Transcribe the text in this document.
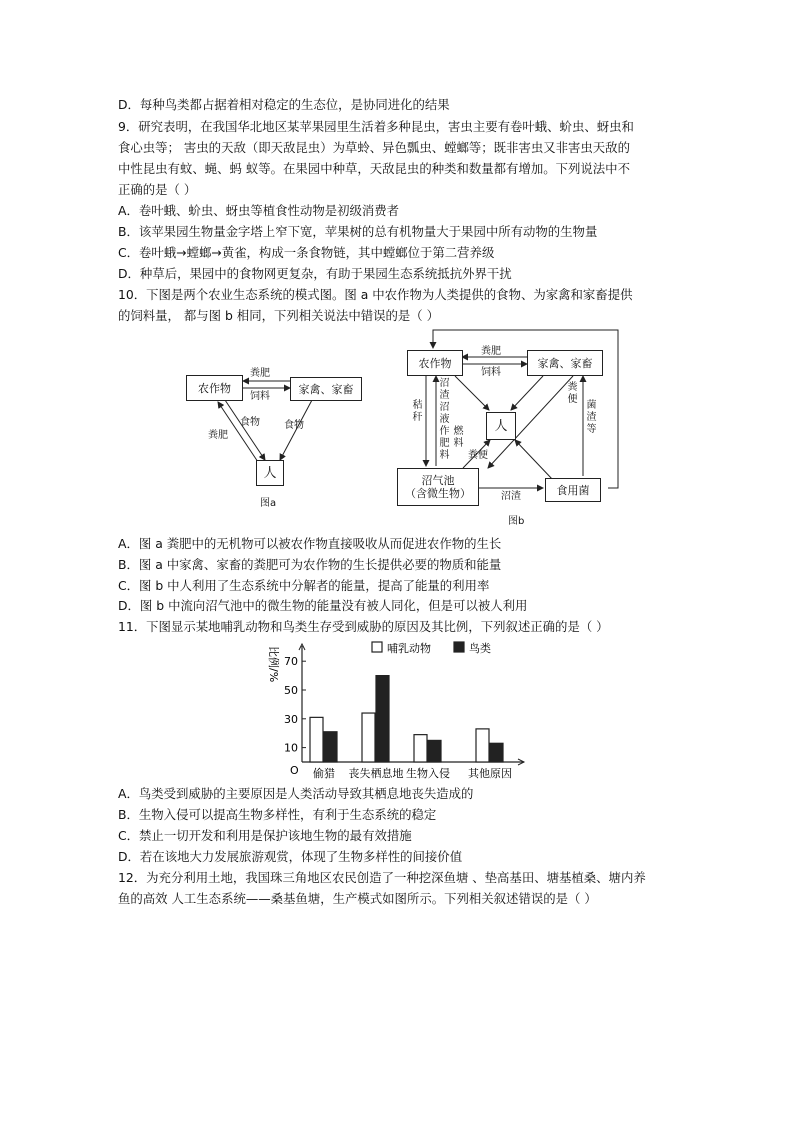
D．每种鸟类都占据着相对稳定的生态位，是协同进化的结果
9．研究表明，在我国华北地区某苹果园里生活着多种昆虫，害虫主要有卷叶蛾、蚧虫、蚜虫和
食心虫等； 害虫的天敌（即天敌昆虫）为草蛉、异色瓢虫、螳螂等；既非害虫又非害虫天敌的
中性昆虫有蚊、蝇、蚂 蚁等。在果园中种草，天敌昆虫的种类和数量都有增加。下列说法中不
正确的是（ ）
A．卷叶蛾、蚧虫、蚜虫等植食性动物是初级消费者
B．该苹果园生物量金字塔上窄下宽，苹果树的总有机物量大于果园中所有动物的生物量
C．卷叶蛾→螳螂→黄雀，构成一条食物链，其中螳螂位于第二营养级
D．种草后，果园中的食物网更复杂，有助于果园生态系统抵抗外界干扰
10．下图是两个农业生态系统的模式图。图 a 中农作物为人类提供的食物、为家禽和家畜提供
的饲料量， 都与图 b 相同，下列相关说法中错误的是（ ）
农作物	家禽、家畜
人
粪肥
饲料
食物 食物
粪肥
图a
农作物	家禽、家畜
人
沼气池
（含微生物）	食用菌
粪肥
饲料
秸秆
沼渣沼液作肥料
燃料
粪便
粪便
菌渣等
沼渣
图b
A．图 a 粪肥中的无机物可以被农作物直接吸收从而促进农作物的生长
B．图 a 中家禽、家畜的粪肥可为农作物的生长提供必要的物质和能量
C．图 b 中人利用了生态系统中分解者的能量，提高了能量的利用率
D．图 b 中流向沼气池中的微生物的能量没有被人同化，但是可以被人利用
11．下图显示某地哺乳动物和鸟类生存受到威胁的原因及其比例，下列叙述正确的是（ ）
10
30
50
70
O
比例/%
偷猎 丧失栖息地 生物入侵 其他原因
哺乳动物	鸟类
A．鸟类受到威胁的主要原因是人类活动导致其栖息地丧失造成的
B．生物入侵可以提高生物多样性，有利于生态系统的稳定
C．禁止一切开发和利用是保护该地生物的最有效措施
D．若在该地大力发展旅游观赏，体现了生物多样性的间接价值
12．为充分利用土地，我国珠三角地区农民创造了一种挖深鱼塘 、垫高基田、塘基植桑、塘内养
鱼的高效 人工生态系统——桑基鱼塘，生产模式如图所示。下列相关叙述错误的是（ ）
